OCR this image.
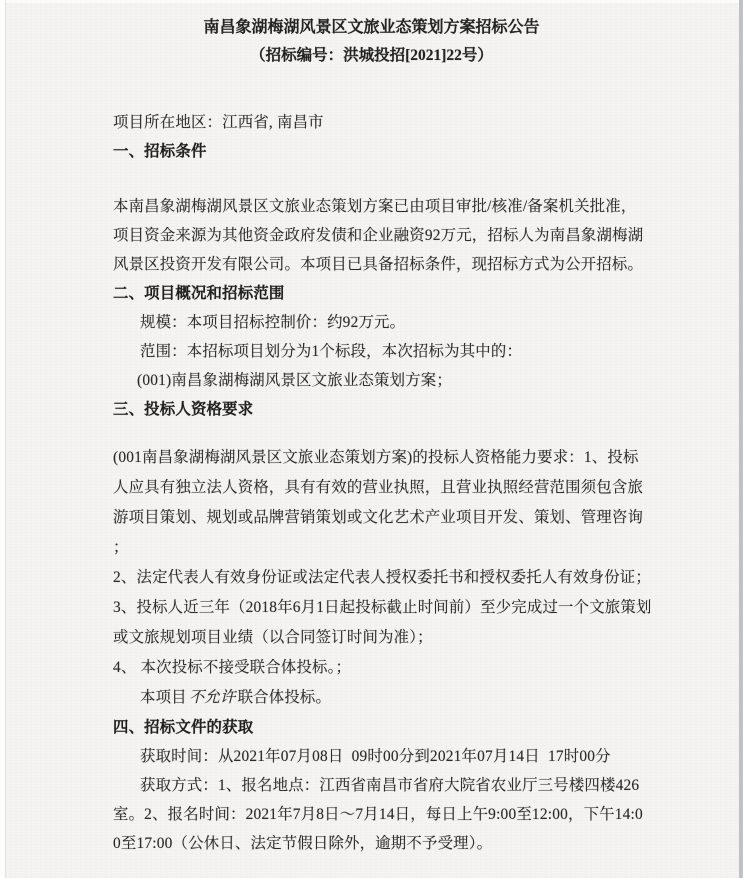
南昌象湖梅湖风景区文旅业态策划方案招标公告
（招标编号：洪城投招[2021]22号）
项目所在地区：江西省, 南昌市
一、招标条件
本南昌象湖梅湖风景区文旅业态策划方案已由项目审批/核准/备案机关批准，
项目资金来源为其他资金政府发债和企业融资92万元，招标人为南昌象湖梅湖
风景区投资开发有限公司。本项目已具备招标条件，现招标方式为公开招标。
二、项目概况和招标范围
规模：本项目招标控制价：约92万元。
范围：本招标项目划分为1个标段，本次招标为其中的：
(001)南昌象湖梅湖风景区文旅业态策划方案；
三、投标人资格要求
(001南昌象湖梅湖风景区文旅业态策划方案)的投标人资格能力要求：1、投标
人应具有独立法人资格，具有有效的营业执照，且营业执照经营范围须包含旅
游项目策划、规划或品牌营销策划或文化艺术产业项目开发、策划、管理咨询
；
2、法定代表人有效身份证或法定代表人授权委托书和授权委托人有效身份证；
3、投标人近三年（2018年6月1日起投标截止时间前）至少完成过一个文旅策划
或文旅规划项目业绩（以合同签订时间为准）；
4、 本次投标不接受联合体投标。；
本项目 不允许 联合体投标。
四、招标文件的获取
获取时间：从2021年07月08日  09时00分到2021年07月14日  17时00分
获取方式：1、报名地点：江西省南昌市省府大院省农业厅三号楼四楼426
室。2、报名时间：2021年7月8日～7月14日，每日上午9:00至12:00，下午14:0
0至17:00（公休日、法定节假日除外，逾期不予受理）。
